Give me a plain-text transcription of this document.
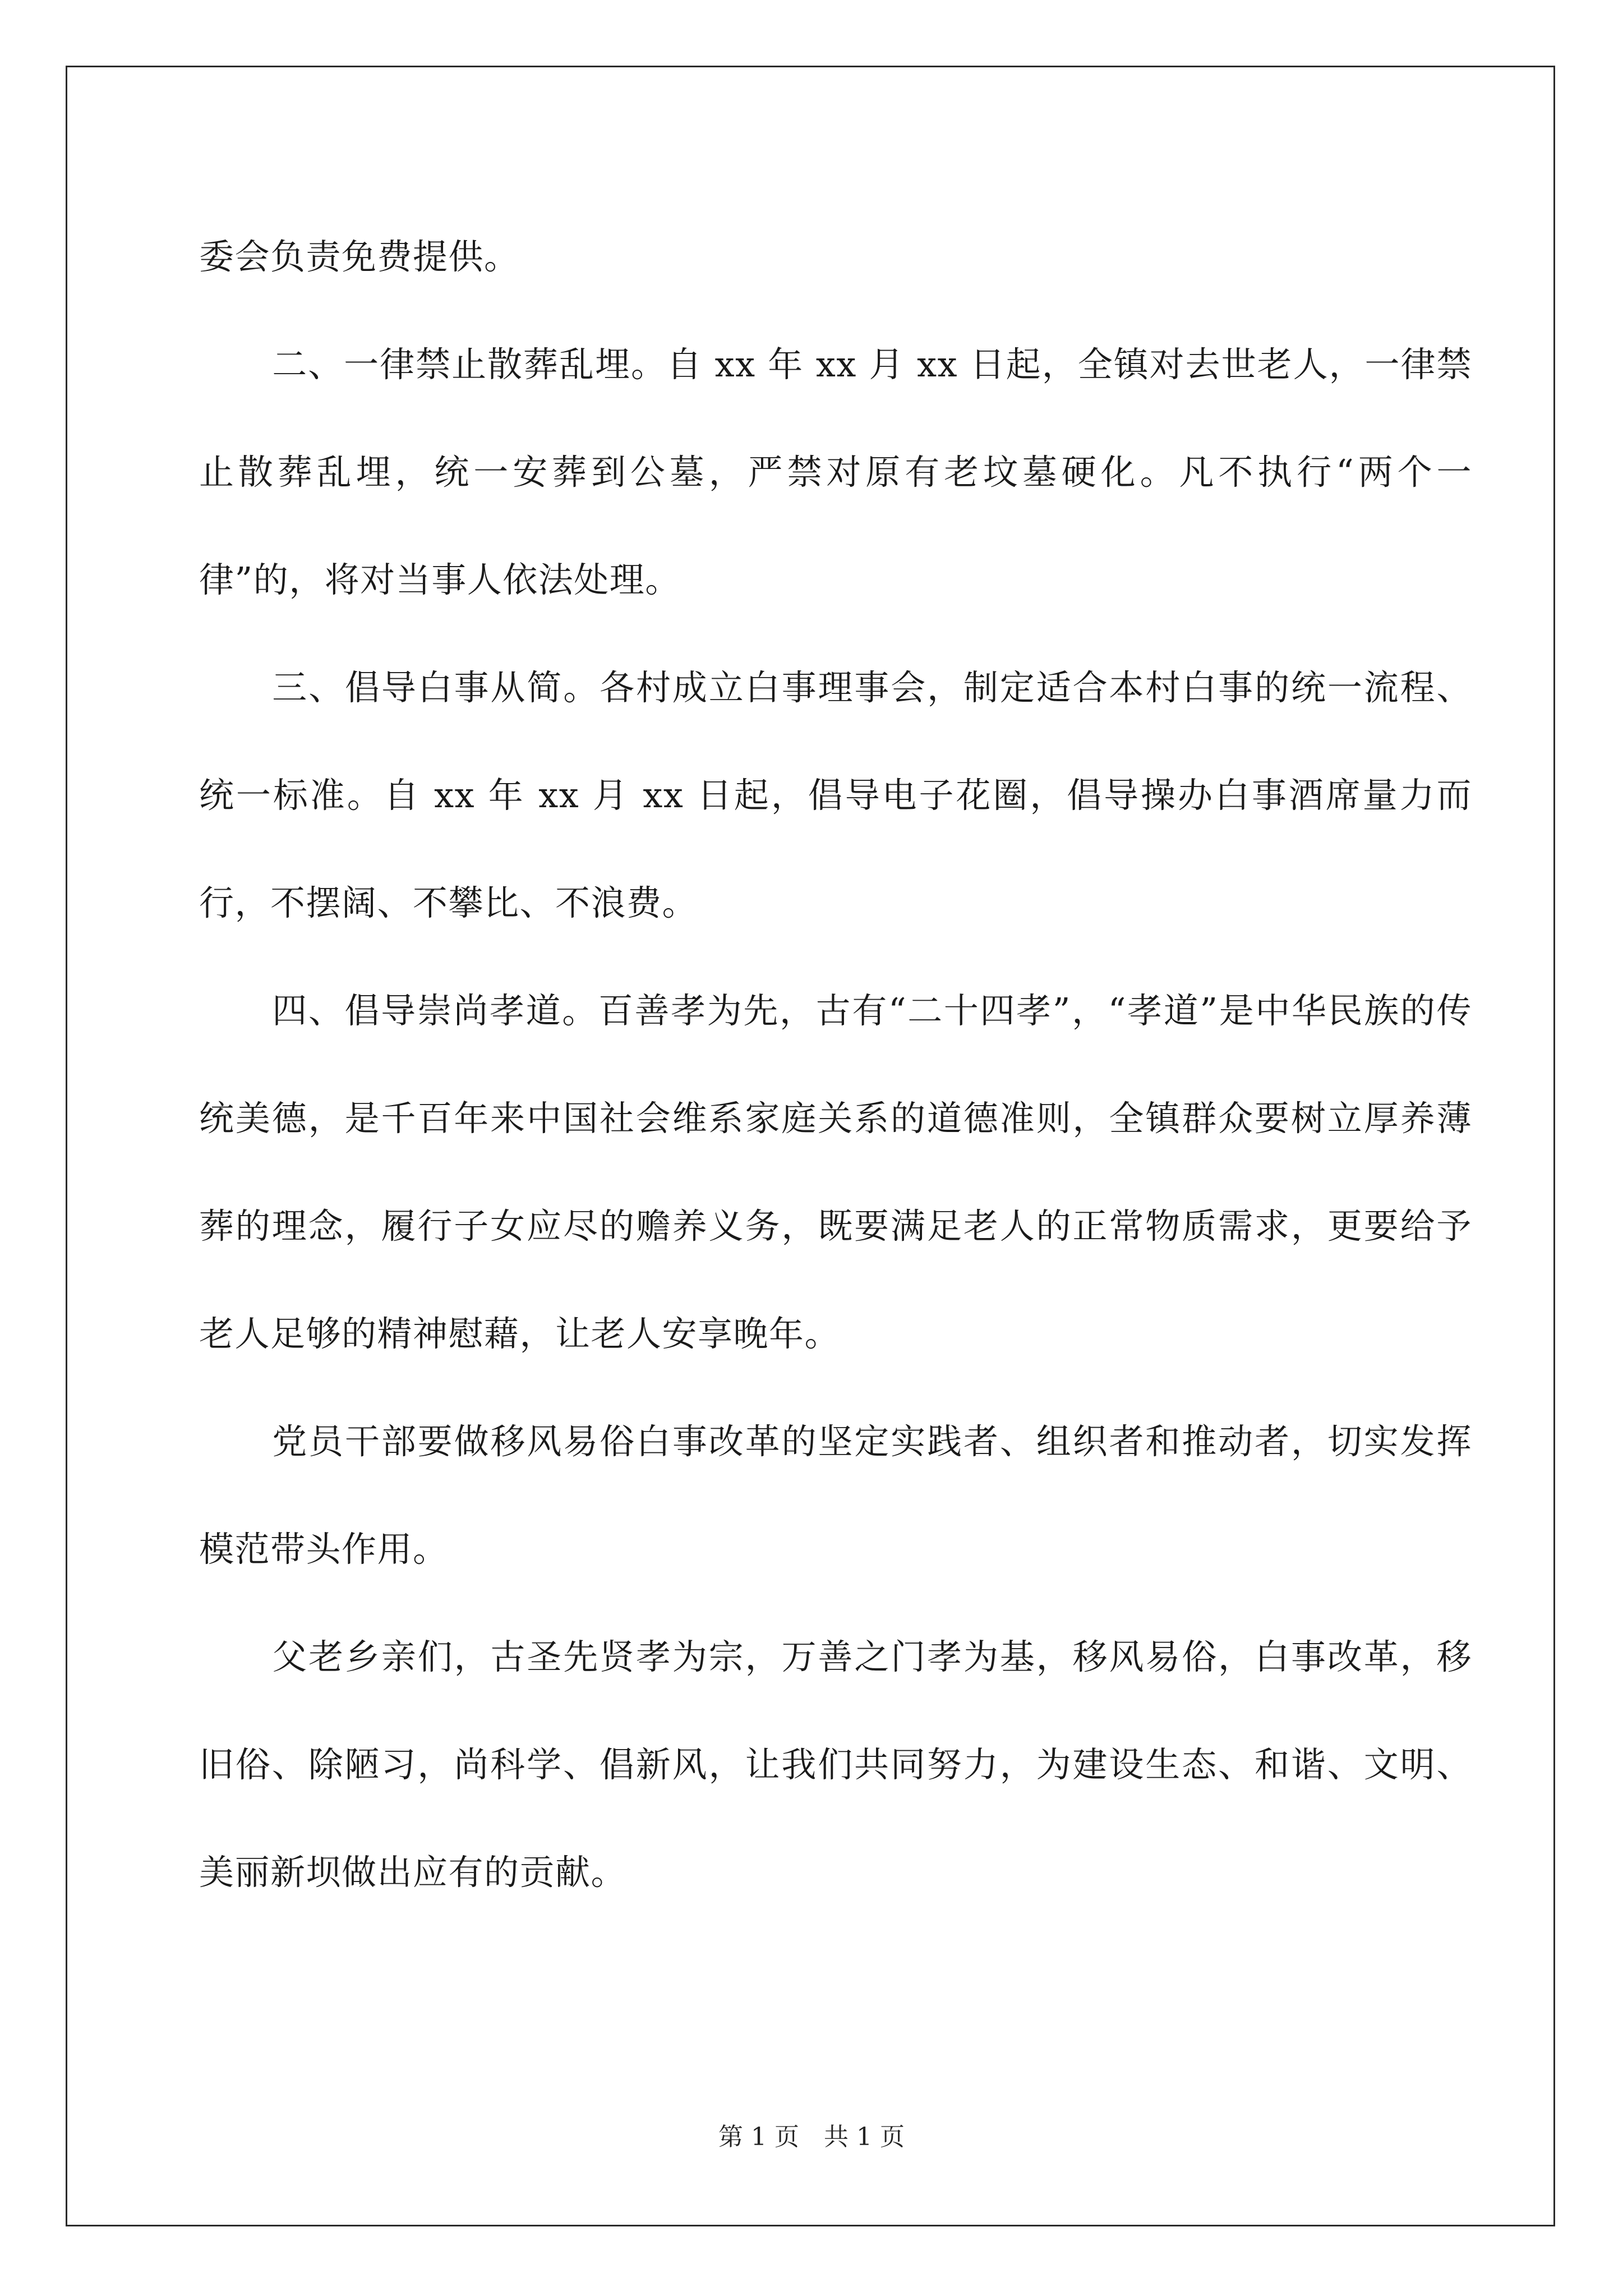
委会负责免费提供。

二、一律禁止散葬乱埋。自 xx 年 xx 月 xx 日起，全镇对去世老人，一律禁止散葬乱埋，统一安葬到公墓，严禁对原有老坟墓硬化。凡不执行“两个一律”的，将对当事人依法处理。

三、倡导白事从简。各村成立白事理事会，制定适合本村白事的统一流程、统一标准。自 xx 年 xx 月 xx 日起，倡导电子花圈，倡导操办白事酒席量力而行，不摆阔、不攀比、不浪费。

四、倡导崇尚孝道。百善孝为先，古有“二十四孝”，“孝道”是中华民族的传统美德，是千百年来中国社会维系家庭关系的道德准则，全镇群众要树立厚养薄葬的理念，履行子女应尽的赡养义务，既要满足老人的正常物质需求，更要给予老人足够的精神慰藉，让老人安享晚年。

党员干部要做移风易俗白事改革的坚定实践者、组织者和推动者，切实发挥模范带头作用。

父老乡亲们，古圣先贤孝为宗，万善之门孝为基，移风易俗，白事改革，移旧俗、除陋习，尚科学、倡新风，让我们共同努力，为建设生态、和谐、文明、美丽新坝做出应有的贡献。

第 1 页　共 1 页
